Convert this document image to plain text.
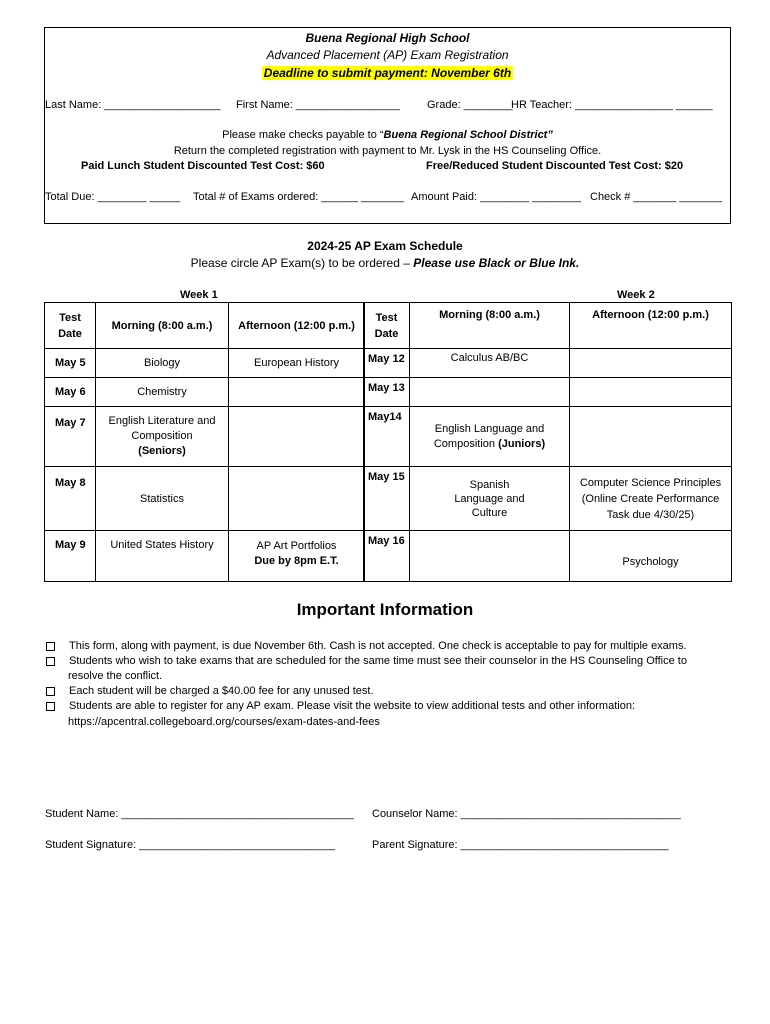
Buena Regional High School
Advanced Placement (AP) Exam Registration
Deadline to submit payment: November 6th
Last Name: ___________________ First Name: _________________ Grade: ________
HR Teacher: ________________ ______
Please make checks payable to “Buena Regional School District”
Return the completed registration with payment to Mr. Lysk in the HS Counseling Office.
Paid Lunch Student Discounted Test Cost: $60	Free/Reduced Student Discounted Test Cost: $20
Total Due: ________ _____ Total # of Exams ordered: ______ _______ Amount Paid: ________ ________ Check # _______ _______
2024-25 AP Exam Schedule
Please circle AP Exam(s) to be ordered – Please use Black or Blue Ink.
Week 1	Week 2
Test
Date	Morning (8:00 a.m.)	Afternoon (12:00 p.m.)
May 5	Biology	European History
May 6	Chemistry	
May 7	English Literature and Composition
(Seniors)	
May 8	Statistics	
May 9	United States History	AP Art Portfolios
Due by 8pm E.T.
Test
Date	Morning (8:00 a.m.)	Afternoon (12:00 p.m.)
May 12	Calculus AB/BC	
May 13		
May14	English Language and Composition (Juniors)	
May 15	Spanish Language and Culture	Computer Science Principles (Online Create Performance Task due 4/30/25)
May 16		Psychology
Important Information
This form, along with payment, is due November 6th. Cash is not accepted. One check is acceptable to pay for multiple exams.
Students who wish to take exams that are scheduled for the same time must see their counselor in the HS Counseling Office to
resolve the conflict.
Each student will be charged a $40.00 fee for any unused test.
Students are able to register for any AP exam. Please visit the website to view additional tests and other information:
https://apcentral.collegeboard.org/courses/exam-dates-and-fees
Student Name: ______________________________________ Counselor Name: ____________________________________
Student Signature: ________________________________	Parent Signature: __________________________________
